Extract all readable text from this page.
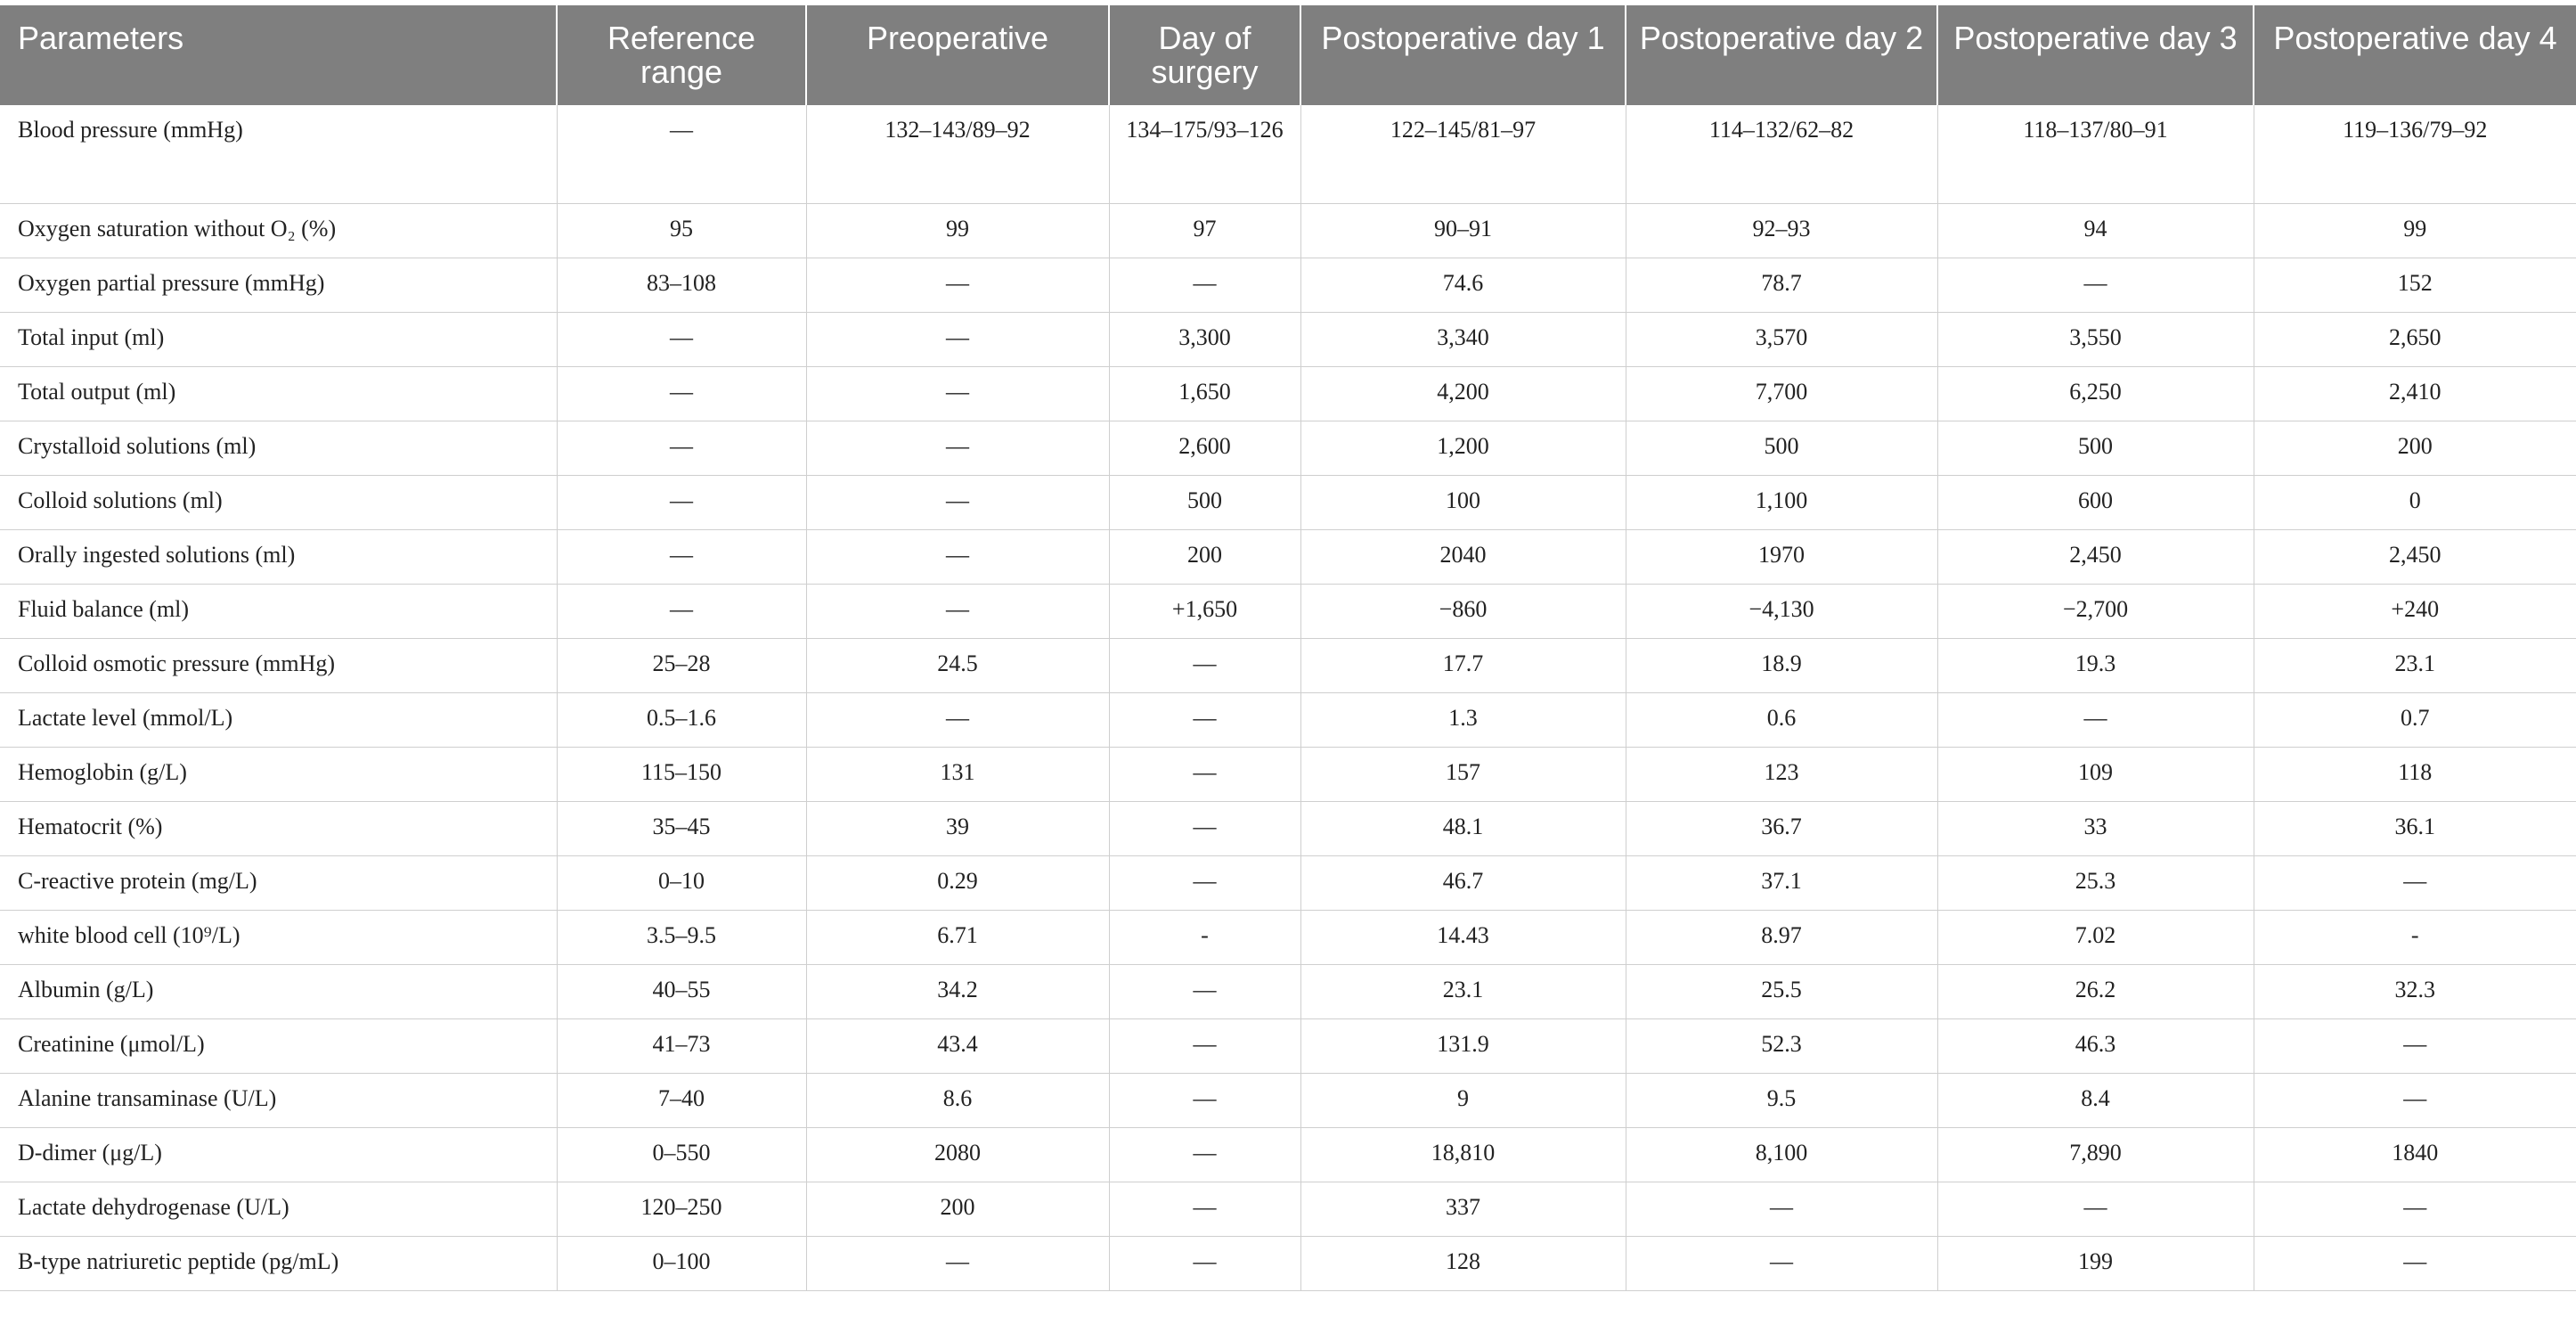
Parameters	Reference range	Preoperative	Day of surgery	Postoperative day 1	Postoperative day 2	Postoperative day 3	Postoperative day 4
Blood pressure (mmHg)	—	132–143/89–92	134–175/93–126	122–145/81–97	114–132/62–82	118–137/80–91	119–136/79–92
Oxygen saturation without O₂ (%)	95	99	97	90–91	92–93	94	99
Oxygen partial pressure (mmHg)	83–108	—	—	74.6	78.7	—	152
Total input (ml)	—	—	3,300	3,340	3,570	3,550	2,650
Total output (ml)	—	—	1,650	4,200	7,700	6,250	2,410
Crystalloid solutions (ml)	—	—	2,600	1,200	500	500	200
Colloid solutions (ml)	—	—	500	100	1,100	600	0
Orally ingested solutions (ml)	—	—	200	2040	1970	2,450	2,450
Fluid balance (ml)	—	—	+1,650	−860	−4,130	−2,700	+240
Colloid osmotic pressure (mmHg)	25–28	24.5	—	17.7	18.9	19.3	23.1
Lactate level (mmol/L)	0.5–1.6	—	—	1.3	0.6	—	0.7
Hemoglobin (g/L)	115–150	131	—	157	123	109	118
Hematocrit (%)	35–45	39	—	48.1	36.7	33	36.1
C-reactive protein (mg/L)	0–10	0.29	—	46.7	37.1	25.3	—
white blood cell (10⁹/L)	3.5–9.5	6.71	-	14.43	8.97	7.02	-
Albumin (g/L)	40–55	34.2	—	23.1	25.5	26.2	32.3
Creatinine (μmol/L)	41–73	43.4	—	131.9	52.3	46.3	—
Alanine transaminase (U/L)	7–40	8.6	—	9	9.5	8.4	—
D-dimer (μg/L)	0–550	2080	—	18,810	8,100	7,890	1840
Lactate dehydrogenase (U/L)	120–250	200	—	337	—	—	—
B-type natriuretic peptide (pg/mL)	0–100	—	—	128	—	199	—
